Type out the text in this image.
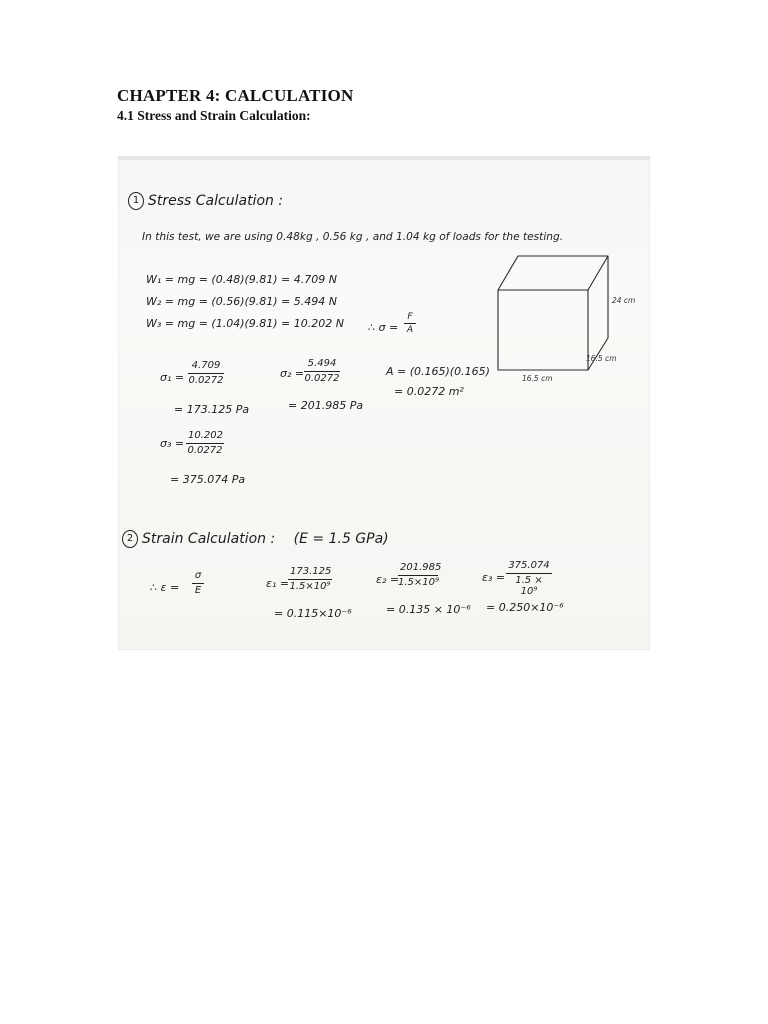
CHAPTER 4: CALCULATION
4.1 Stress and Strain Calculation:
1 Stress Calculation :
In this test, we are using 0.48kg , 0.56 kg , and 1.04 kg of loads for the testing.
W₁ = mg = (0.48)(9.81) = 4.709 N
W₂ = mg = (0.56)(9.81) = 5.494 N
W₃ = mg = (1.04)(9.81) = 10.202 N ∴ $\sigma = \frac{F}{A}$
$\sigma_1 = \frac{4.709}{0.0272}$
= 173.125 Pa
$\sigma_2 = \frac{5.494}{0.0272}$
= 201.985 Pa
A = (0.165)(0.165)
= 0.0272 m²
$\sigma_3 = \frac{10.202}{0.0272}$
= 375.074 Pa
24 cm
16.5 cm
16.5 cm
2 Strain Calculation : (E = 1.5 GPa)
∴ $\varepsilon = \frac{\sigma}{E}$	ε₁ =
$\frac{173.125}{\text{1.5×10⁹}}$
= 0.115×10⁻⁶
ε₂ =
$\frac{201.985}{\text{1.5×10⁹}}$
= 0.135 × 10⁻⁶
$\varepsilon_3 = \frac{375.074}{\text{1.5 × 10⁹}}$
= 0.250×10⁻⁶
